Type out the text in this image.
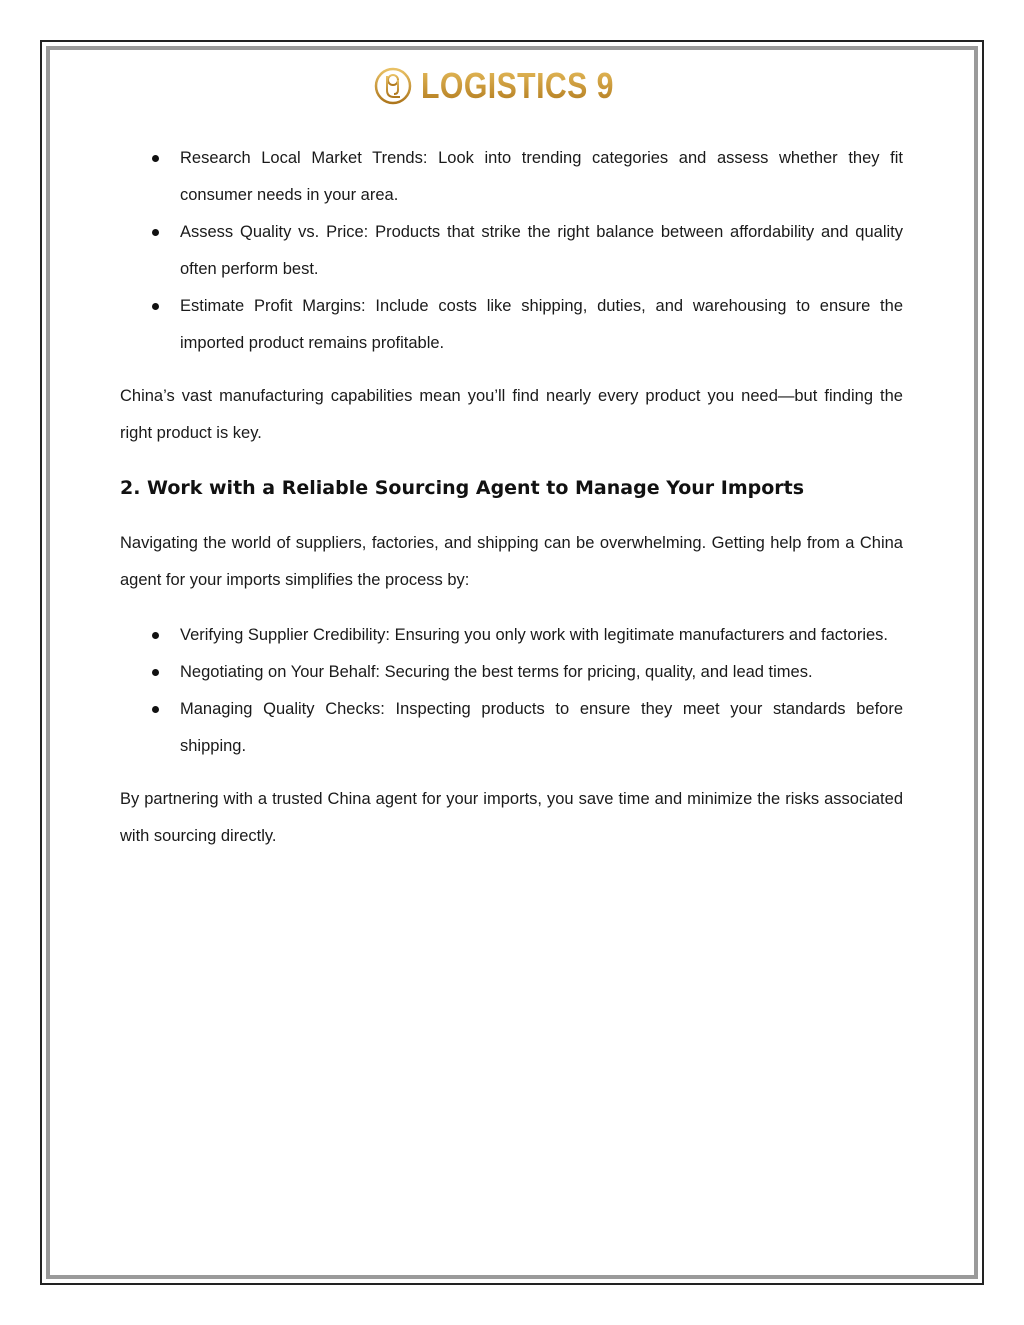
LOGISTICS 9
Research Local Market Trends: Look into trending categories and assess whether they fit consumer needs in your area.
Assess Quality vs. Price: Products that strike the right balance between affordability and quality often perform best.
Estimate Profit Margins: Include costs like shipping, duties, and warehousing to ensure the imported product remains profitable.

China’s vast manufacturing capabilities mean you’ll find nearly every product you need—but finding the right product is key.

2. Work with a Reliable Sourcing Agent to Manage Your Imports

Navigating the world of suppliers, factories, and shipping can be overwhelming. Getting help from a China agent for your imports simplifies the process by:

Verifying Supplier Credibility: Ensuring you only work with legitimate manufacturers and factories.
Negotiating on Your Behalf: Securing the best terms for pricing, quality, and lead times.
Managing Quality Checks: Inspecting products to ensure they meet your standards before shipping.

By partnering with a trusted China agent for your imports, you save time and minimize the risks associated with sourcing directly.
